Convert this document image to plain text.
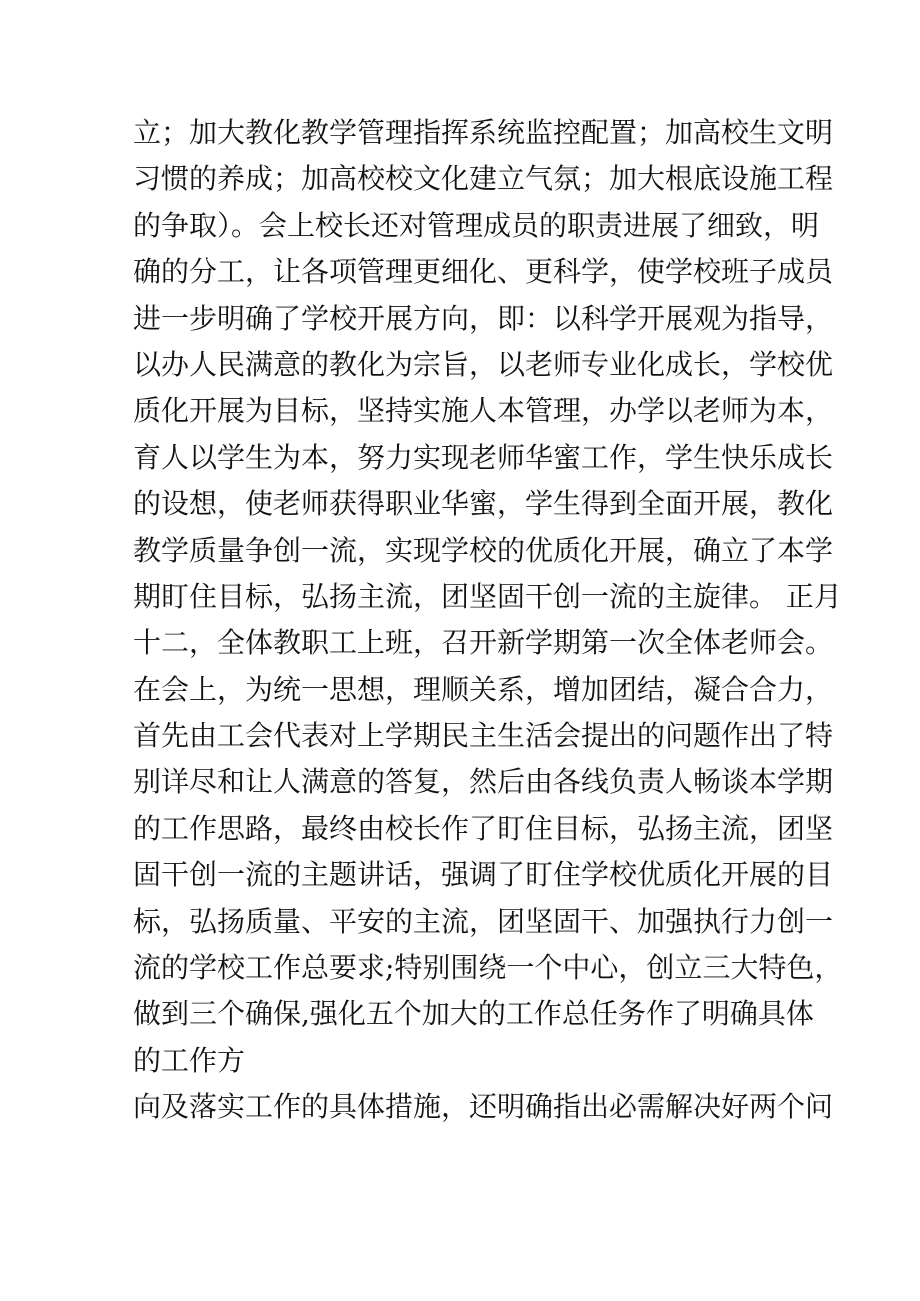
立；加大教化教学管理指挥系统监控配置；加高校生文明
习惯的养成；加高校校文化建立气氛；加大根底设施工程
的争取）。会上校长还对管理成员的职责进展了细致，明
确的分工，让各项管理更细化、更科学，使学校班子成员
进一步明确了学校开展方向，即：以科学开展观为指导，
以办人民满意的教化为宗旨，以老师专业化成长，学校优
质化开展为目标，坚持实施人本管理，办学以老师为本，
育人以学生为本，努力实现老师华蜜工作，学生快乐成长
的设想，使老师获得职业华蜜，学生得到全面开展，教化
教学质量争创一流，实现学校的优质化开展，确立了本学
期盯住目标，弘扬主流，团坚固干创一流的主旋律。 正月
十二，全体教职工上班，召开新学期第一次全体老师会。
在会上，为统一思想，理顺关系，增加团结，凝合合力，
首先由工会代表对上学期民主生活会提出的问题作出了特
别详尽和让人满意的答复，然后由各线负责人畅谈本学期
的工作思路，最终由校长作了盯住目标，弘扬主流，团坚
固干创一流的主题讲话，强调了盯住学校优质化开展的目
标，弘扬质量、平安的主流，团坚固干、加强执行力创一
流的学校工作总要求;特别围绕一个中心，创立三大特色，
做到三个确保,强化五个加大的工作总任务作了明确具体
的工作方
向及落实工作的具体措施，还明确指出必需解决好两个问
